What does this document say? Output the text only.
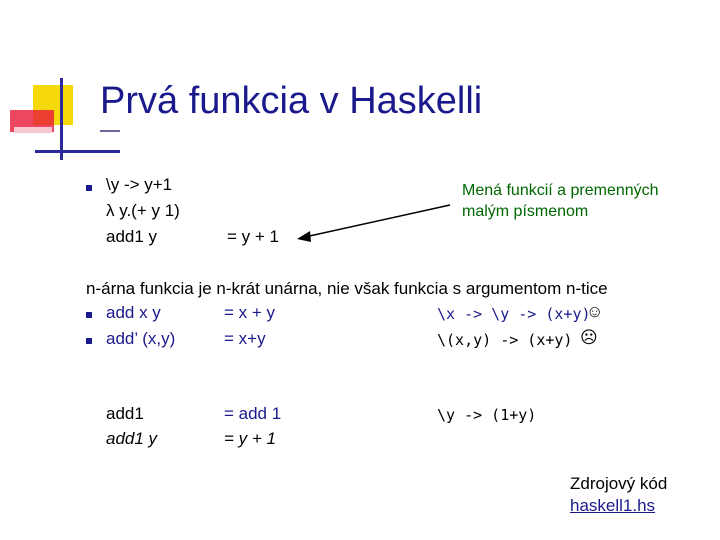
Prvá funkcia v Haskelli
\y -> y+1
λ y.(+ y 1)
add1 y	= y + 1
Mená funkcií a premenných
malým písmenom
n-árna funkcia je n-krát unárna, nie však funkcia s argumentom n-tice
add x y	= x + y	\x -> \y -> (x+y)
☺
add’ (x,y)	= x+y	\(x,y) -> (x+y) ☹
add1	= add 1	\y -> (1+y)
add1 y	= y + 1
Zdrojový kód
haskell1.hs
